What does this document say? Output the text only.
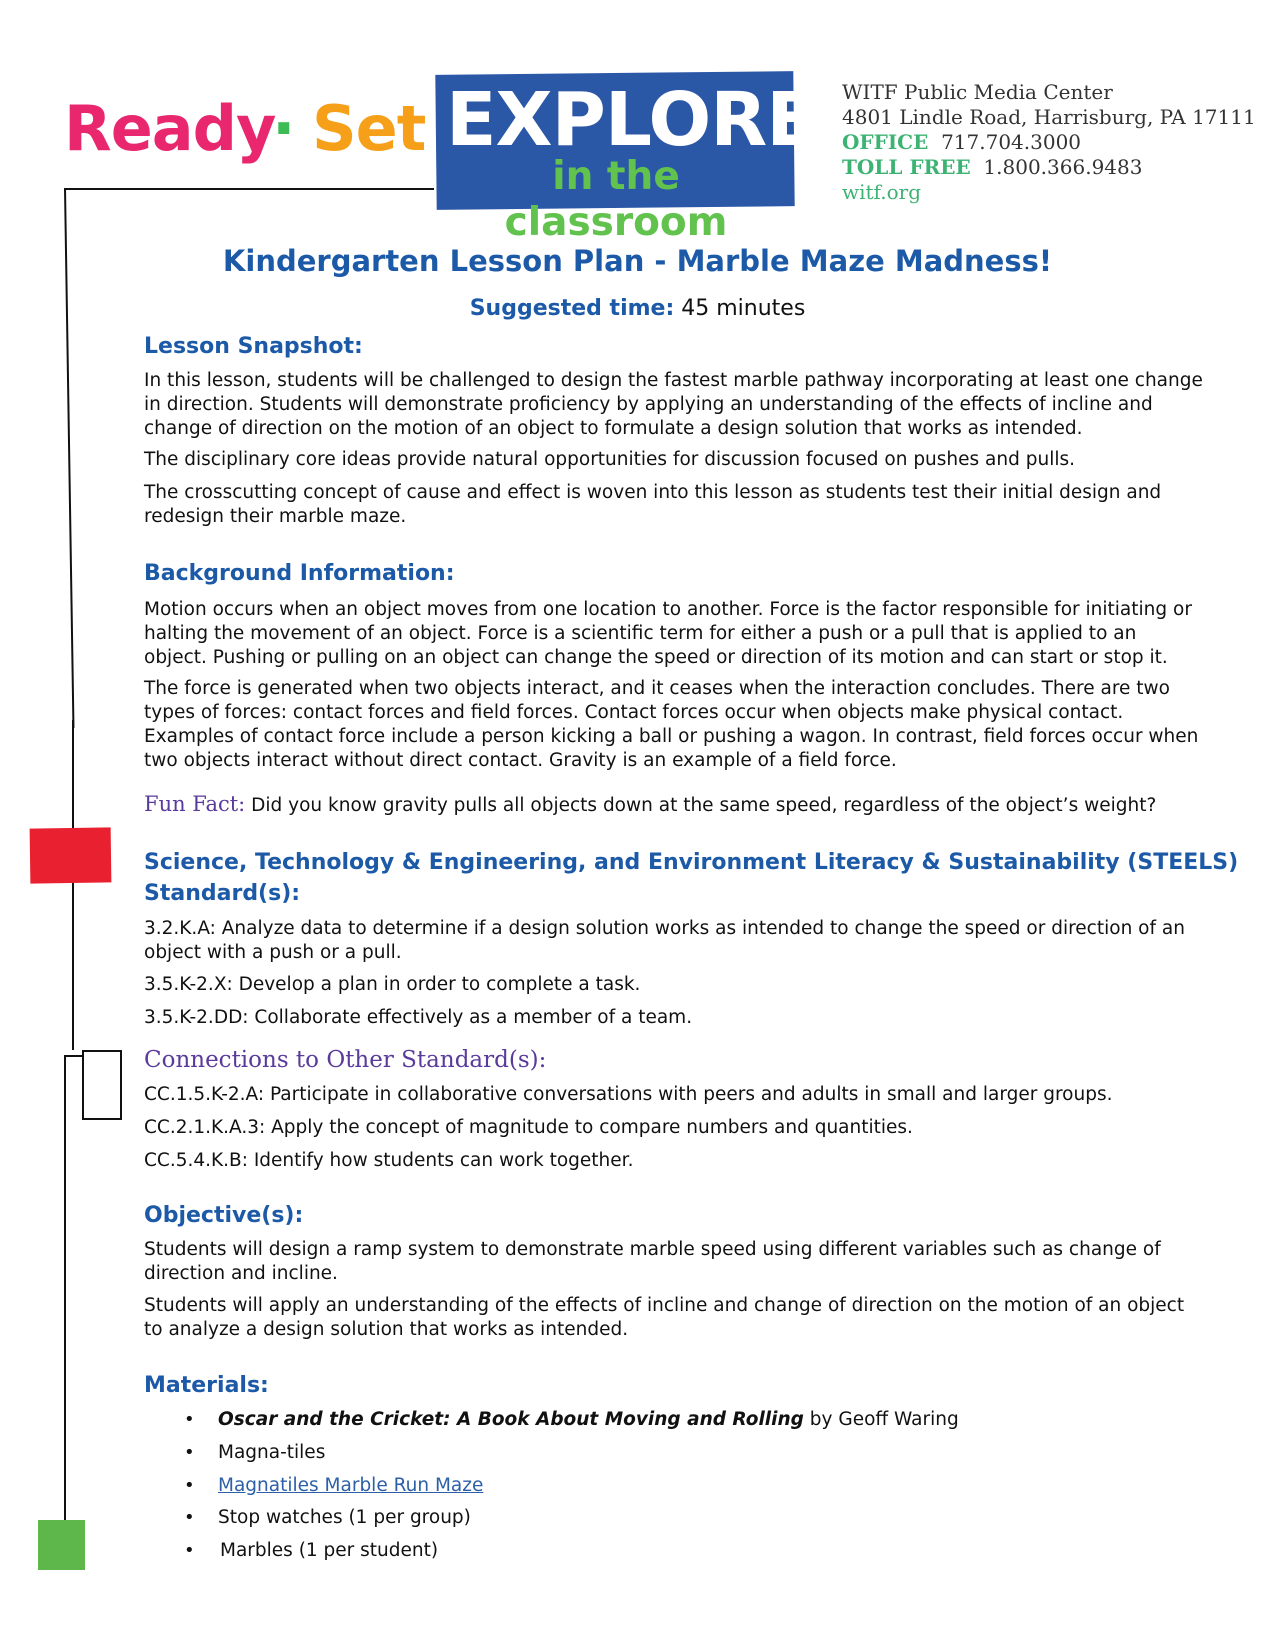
Ready
· Set EXPLORE
in the classroom
WITF Public Media Center
4801 Lindle Road, Harrisburg, PA 17111
OFFICE 717.704.3000
TOLL FREE 1.800.366.9483
witf.org
Kindergarten Lesson Plan - Marble Maze Madness!
Suggested time: 45 minutes
Lesson Snapshot:
In this lesson, students will be challenged to design the fastest marble pathway incorporating at least one change in direction. Students will demonstrate proficiency by applying an understanding of the effects of incline and change of direction on the motion of an object to formulate a design solution that works as intended.
The disciplinary core ideas provide natural opportunities for discussion focused on pushes and pulls.
The crosscutting concept of cause and effect is woven into this lesson as students test their initial design and redesign their marble maze.
Background Information:
Motion occurs when an object moves from one location to another. Force is the factor responsible for initiating or halting the movement of an object. Force is a scientific term for either a push or a pull that is applied to an object. Pushing or pulling on an object can change the speed or direction of its motion and can start or stop it.
The force is generated when two objects interact, and it ceases when the interaction concludes. There are two types of forces: contact forces and field forces. Contact forces occur when objects make physical contact. Examples of contact force include a person kicking a ball or pushing a wagon. In contrast, field forces occur when two objects interact without direct contact. Gravity is an example of a field force.
Fun Fact: Did you know gravity pulls all objects down at the same speed, regardless of the object’s weight?
Science, Technology & Engineering, and Environment Literacy & Sustainability (STEELS)
Standard(s):
3.2.K.A: Analyze data to determine if a design solution works as intended to change the speed or direction of an object with a push or a pull.
3.5.K-2.X: Develop a plan in order to complete a task.
3.5.K-2.DD: Collaborate effectively as a member of a team.
Connections to Other Standard(s):
CC.1.5.K-2.A: Participate in collaborative conversations with peers and adults in small and larger groups.
CC.2.1.K.A.3: Apply the concept of magnitude to compare numbers and quantities.
CC.5.4.K.B: Identify how students can work together.
Objective(s):
Students will design a ramp system to demonstrate marble speed using different variables such as change of direction and incline.
Students will apply an understanding of the effects of incline and change of direction on the motion of an object to analyze a design solution that works as intended.
Materials:
• Oscar and the Cricket: A Book About Moving and Rolling by Geoff Waring
• Magna-tiles
• Magnatiles Marble Run Maze
• Stop watches (1 per group)
• Marbles (1 per student)
